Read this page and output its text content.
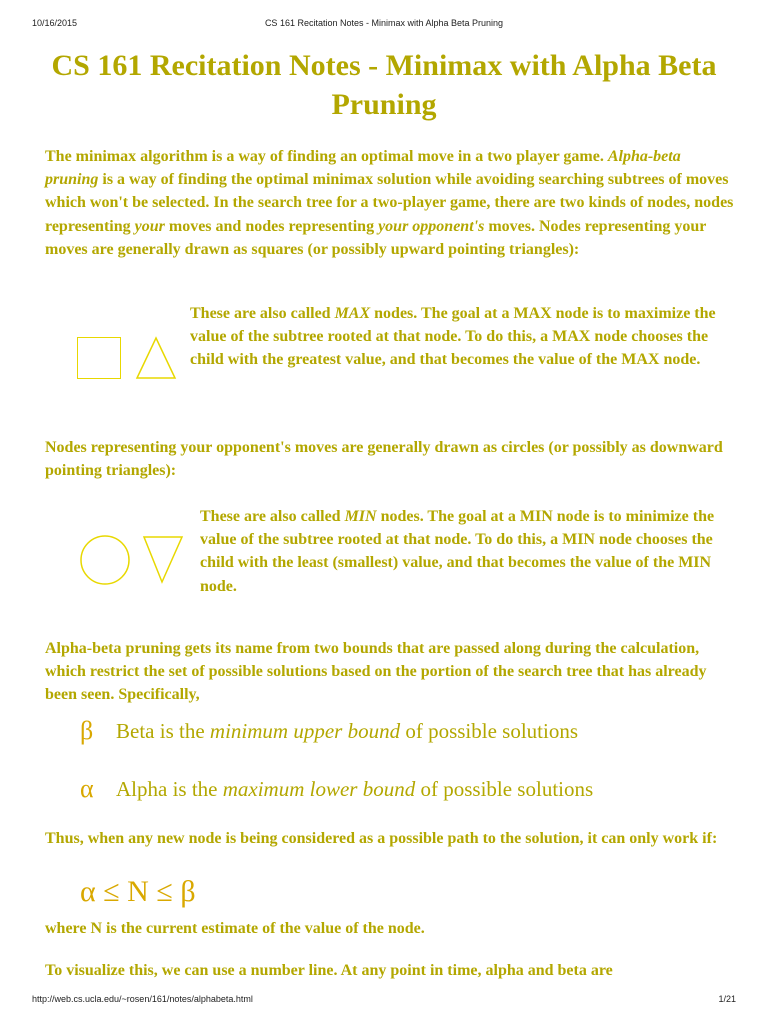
10/16/2015	CS 161 Recitation Notes - Minimax with Alpha Beta Pruning
CS 161 Recitation Notes - Minimax with Alpha Beta Pruning
The minimax algorithm is a way of finding an optimal move in a two player game. Alpha-beta pruning is a way of finding the optimal minimax solution while avoiding searching subtrees of moves which won't be selected. In the search tree for a two-player game, there are two kinds of nodes, nodes representing your moves and nodes representing your opponent's moves. Nodes representing your moves are generally drawn as squares (or possibly upward pointing triangles):
These are also called MAX nodes. The goal at a MAX node is to maximize the value of the subtree rooted at that node. To do this, a MAX node chooses the child with the greatest value, and that becomes the value of the MAX node.
Nodes representing your opponent's moves are generally drawn as circles (or possibly as downward pointing triangles):
These are also called MIN nodes. The goal at a MIN node is to minimize the value of the subtree rooted at that node. To do this, a MIN node chooses the child with the least (smallest) value, and that becomes the value of the MIN node.
Alpha-beta pruning gets its name from two bounds that are passed along during the calculation, which restrict the set of possible solutions based on the portion of the search tree that has already been seen. Specifically,
β Beta is the minimum upper bound of possible solutions
α Alpha is the maximum lower bound of possible solutions
Thus, when any new node is being considered as a possible path to the solution, it can only work if:
α ≤ N ≤ β
where N is the current estimate of the value of the node.
To visualize this, we can use a number line. At any point in time, alpha and beta are
http://web.cs.ucla.edu/~rosen/161/notes/alphabeta.html	1/21
